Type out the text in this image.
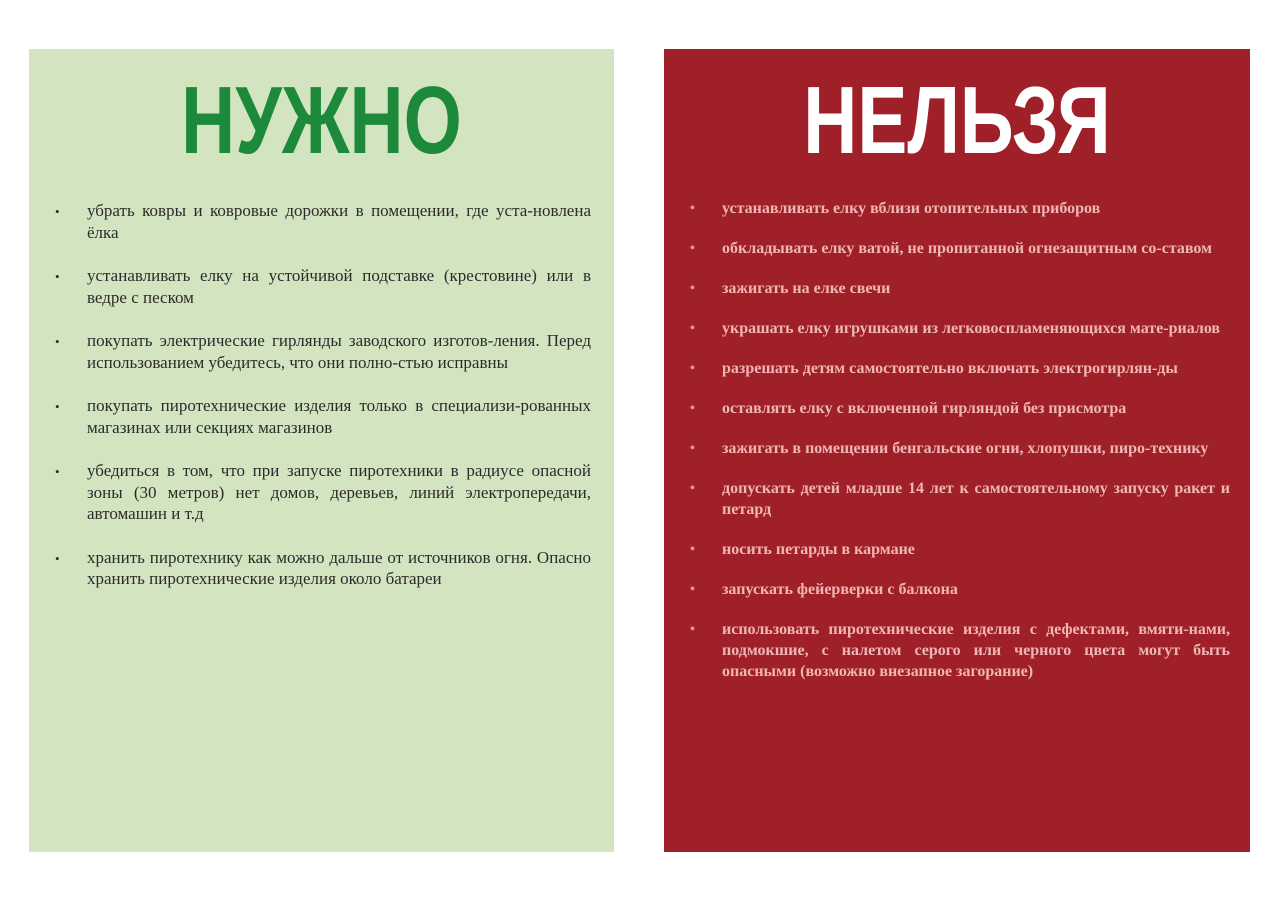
НУЖНО
•	убрать ковры и ковровые дорожки в помещении, где уста-новлена ёлка
•	устанавливать елку на устойчивой подставке (крестовине) или в ведре с песком
•	покупать электрические гирлянды заводского изготов-ления. Перед использованием убедитесь, что они полно-стью исправны
•	покупать пиротехнические изделия только в специализи-рованных магазинах или секциях магазинов
•	убедиться в том, что при запуске пиротехники в радиусе опасной зоны (30 метров) нет домов, деревьев, линий электропередачи, автомашин и т.д
•	хранить пиротехнику как можно дальше от источников огня. Опасно хранить пиротехнические изделия около батареи
НЕЛЬЗЯ
•	устанавливать елку вблизи отопительных приборов
•	обкладывать елку ватой, не пропитанной огнезащитным со-ставом
•	зажигать на елке свечи
•	украшать елку игрушками из легковоспламеняющихся мате-риалов
•	разрешать детям самостоятельно включать электрогирлян-ды
•	оставлять елку с включенной гирляндой без присмотра
•	зажигать в помещении бенгальские огни, хлопушки, пиро-технику
•	допускать детей младше 14 лет к самостоятельному запуску ракет и петард
•	носить петарды в кармане
•	запускать фейерверки с балкона
•	использовать пиротехнические изделия с дефектами, вмяти-нами, подмокшие, с налетом серого или черного цвета могут быть опасными (возможно внезапное загорание)
